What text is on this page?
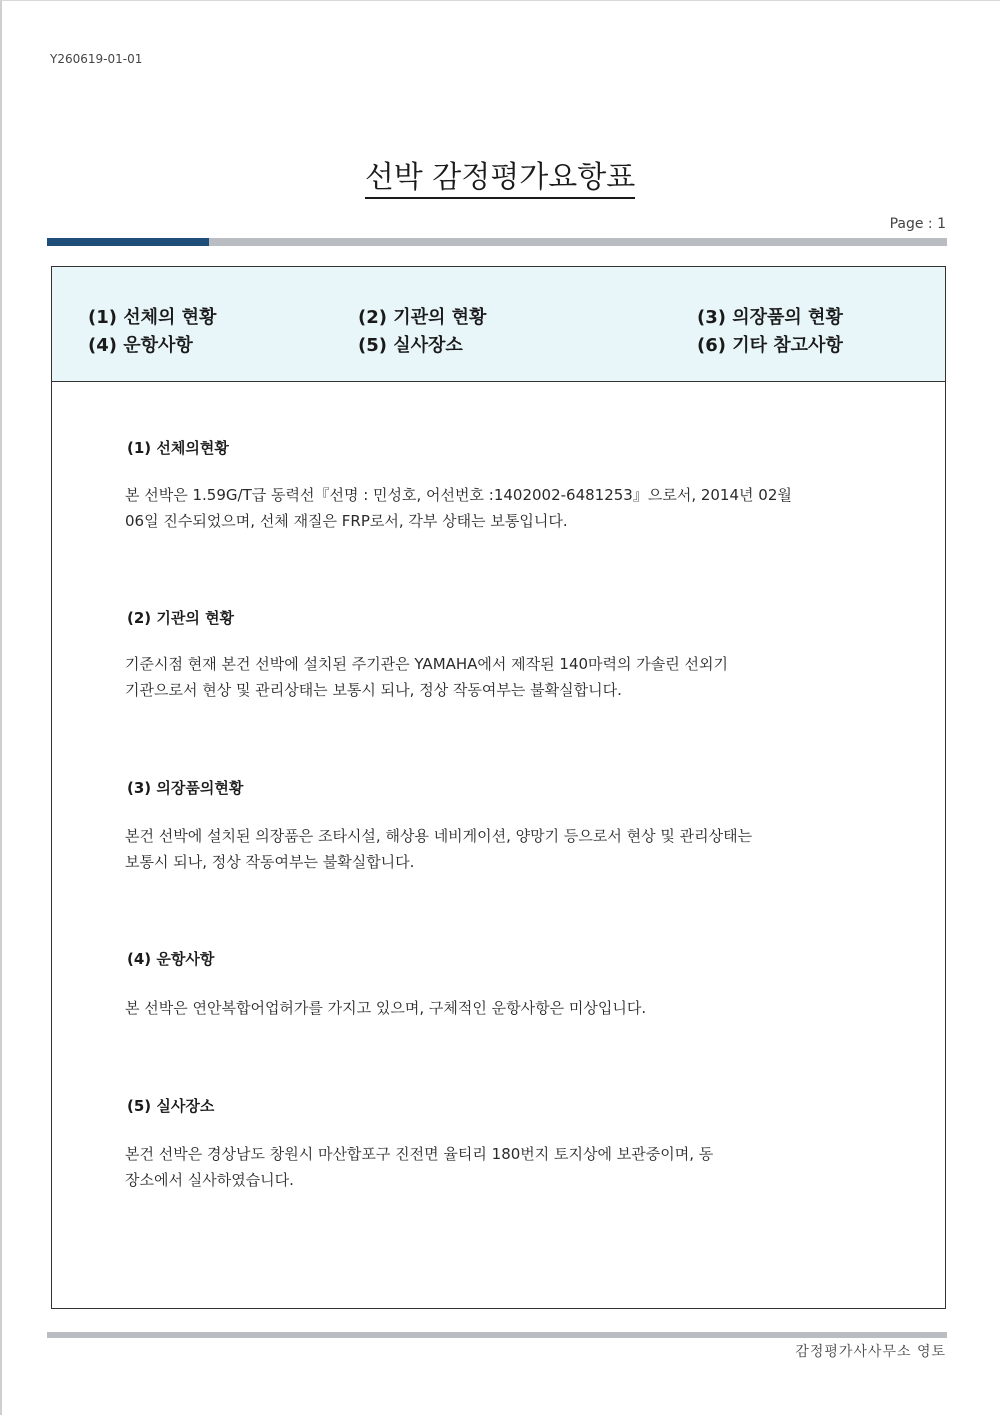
Y260619-01-01
선박 감정평가요항표
Page : 1
(1) 선체의 현황	(2) 기관의 현황	(3) 의장품의 현황
(4) 운항사항	(5) 실사장소	(6) 기타 참고사항
(1) 선체의현황
본 선박은 1.59G/T급 동력선『선명 : 민성호, 어선번호 :1402002-6481253』으로서, 2014년 02월
06일 진수되었으며, 선체 재질은 FRP로서, 각부 상태는 보통입니다.
(2) 기관의 현황
기준시점 현재 본건 선박에 설치된 주기관은 YAMAHA에서 제작된 140마력의 가솔린 선외기
기관으로서 현상 및 관리상태는 보통시 되나, 정상 작동여부는 불확실합니다.
(3) 의장품의현황
본건 선박에 설치된 의장품은 조타시설, 해상용 네비게이션, 양망기 등으로서 현상 및 관리상태는
보통시 되나, 정상 작동여부는 불확실합니다.
(4) 운항사항
본 선박은 연안복합어업허가를 가지고 있으며, 구체적인 운항사항은 미상입니다.
(5) 실사장소
본건 선박은 경상남도 창원시 마산합포구 진전면 율티리 180번지 토지상에 보관중이며, 동
장소에서 실사하였습니다.
감정평가사사무소 영토
